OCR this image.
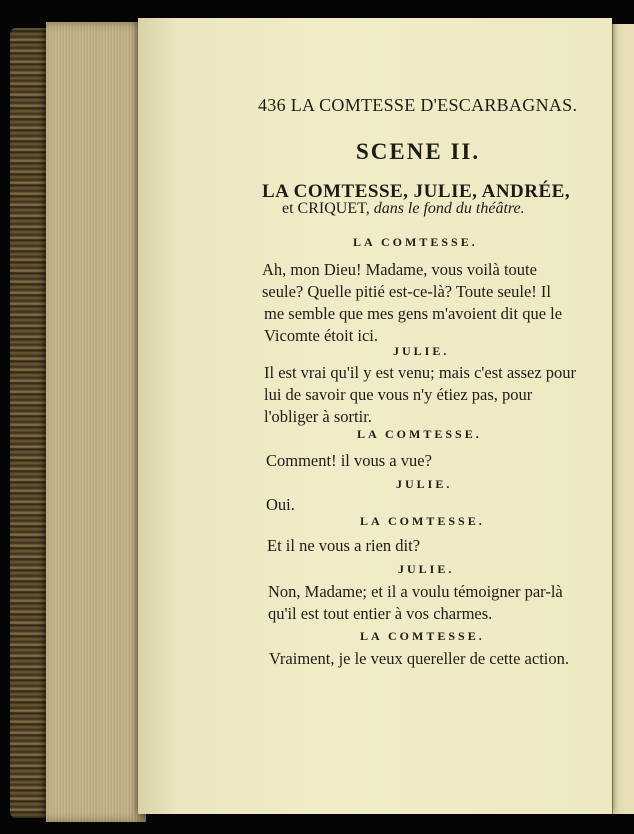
436 LA COMTESSE D'ESCARBAGNAS.
SCENE II.
LA COMTESSE, JULIE, ANDRÉE,
et CRIQUET, dans le fond du théâtre.
LA COMTESSE.
Ah, mon Dieu! Madame, vous voilà toute
seule? Quelle pitié est-ce-là? Toute seule! Il
me semble que mes gens m'avoient dit que le
Vicomte étoit ici.
JULIE.
Il est vrai qu'il y est venu; mais c'est assez pour
lui de savoir que vous n'y étiez pas, pour
l'obliger à sortir.
LA COMTESSE.
Comment! il vous a vue?
JULIE.
Oui.
LA COMTESSE.
Et il ne vous a rien dit?
JULIE.
Non, Madame; et il a voulu témoigner par-là
qu'il est tout entier à vos charmes.
LA COMTESSE.
Vraiment, je le veux quereller de cette action.
